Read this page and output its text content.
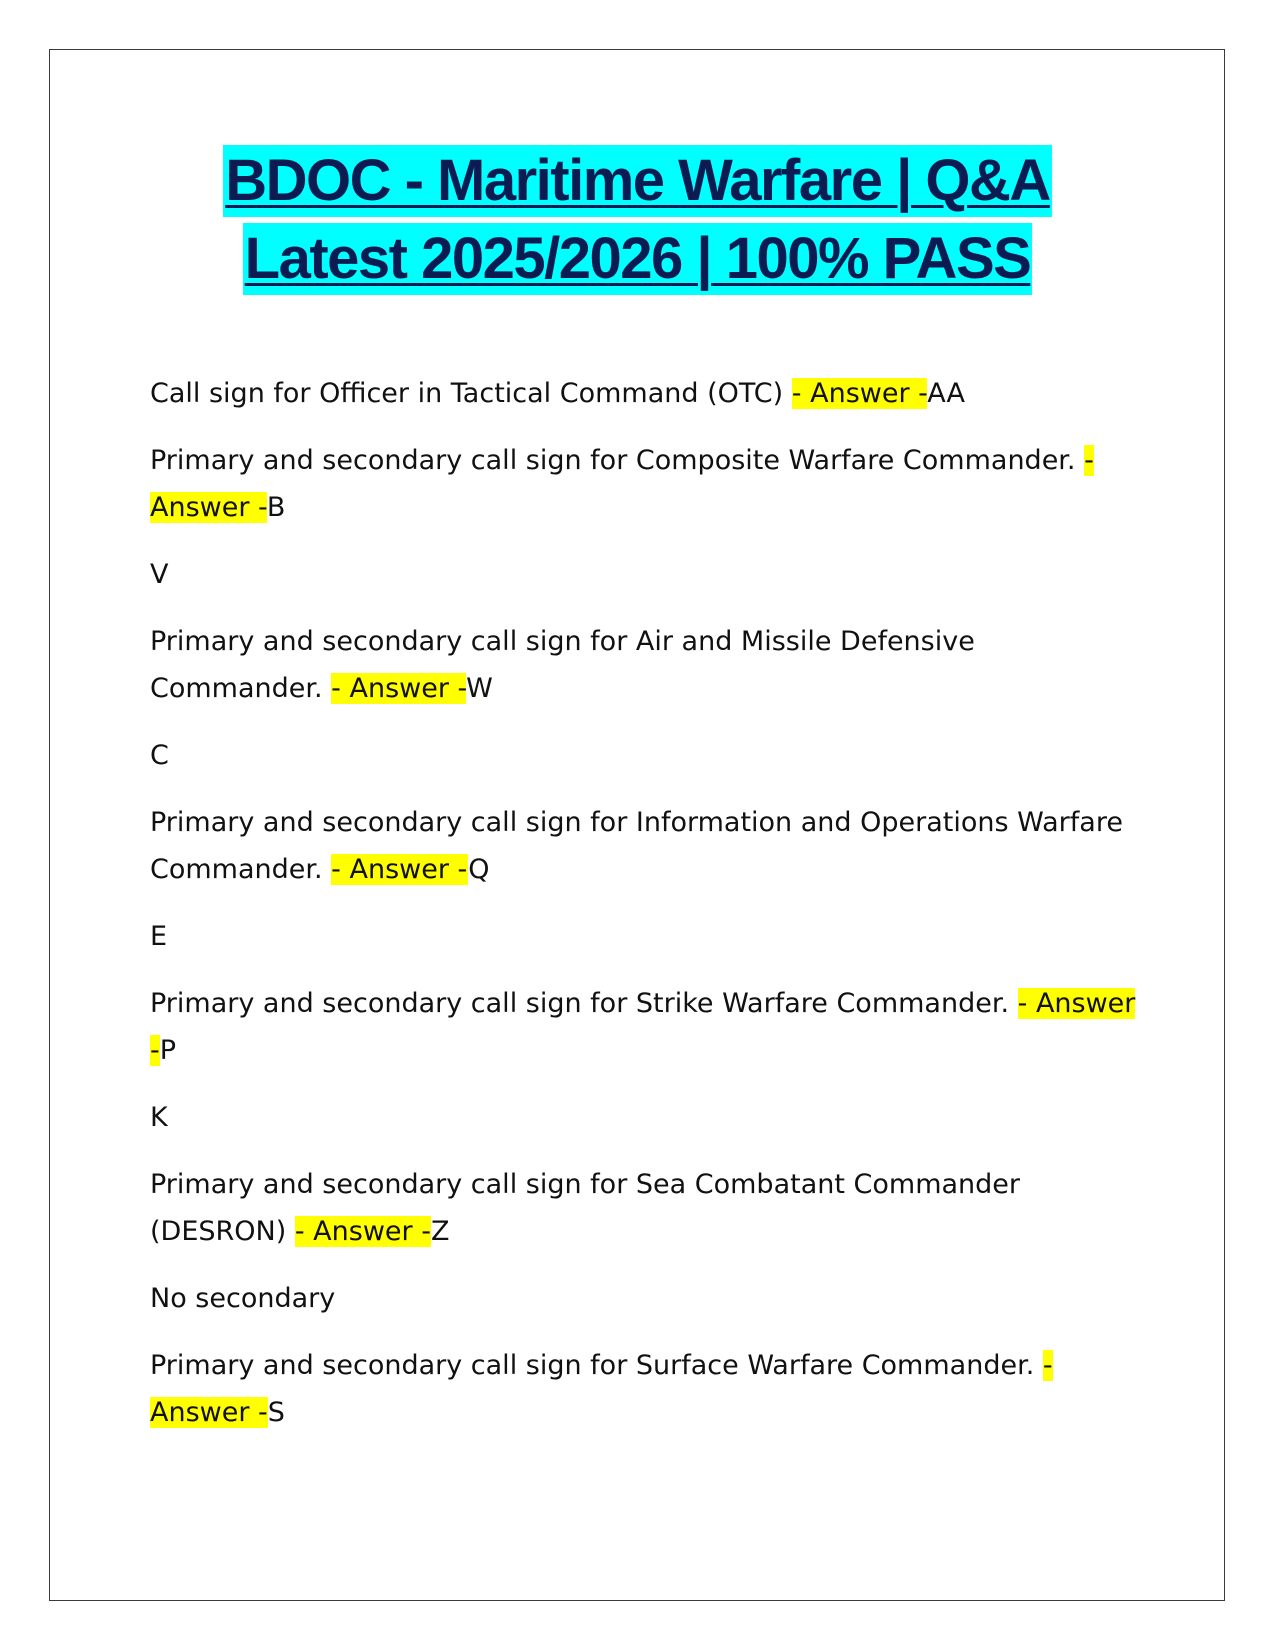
BDOC - Maritime Warfare | Q&A
Latest 2025/2026 | 100% PASS

Call sign for Officer in Tactical Command (OTC) - Answer -AA

Primary and secondary call sign for Composite Warfare Commander. - Answer -B

V

Primary and secondary call sign for Air and Missile Defensive Commander. - Answer -W

C

Primary and secondary call sign for Information and Operations Warfare Commander. - Answer -Q

E

Primary and secondary call sign for Strike Warfare Commander. - Answer -P

K

Primary and secondary call sign for Sea Combatant Commander (DESRON) - Answer -Z

No secondary

Primary and secondary call sign for Surface Warfare Commander. - Answer -S
